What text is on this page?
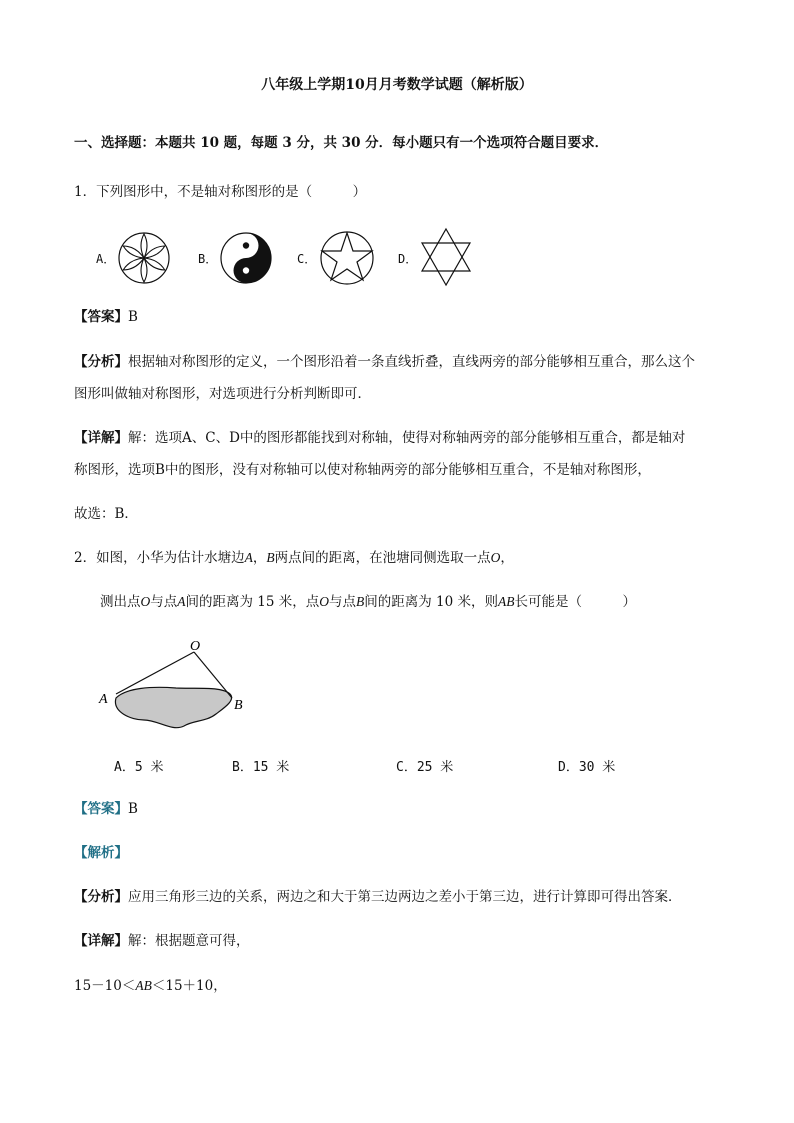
八年级上学期10月月考数学试题（解析版）
一、选择题：本题共 10 题，每题 3 分，共 30 分．每小题只有一个选项符合题目要求．
1．下列图形中，不是轴对称图形的是（　　　）
A．	B．	C．	D．
【答案】B
【分析】根据轴对称图形的定义，一个图形沿着一条直线折叠，直线两旁的部分能够相互重合，那么这个
图形叫做轴对称图形，对选项进行分析判断即可．
【详解】解：选项A、C、D中的图形都能找到对称轴，使得对称轴两旁的部分能够相互重合，都是轴对
称图形，选项B中的图形，没有对称轴可以使对称轴两旁的部分能够相互重合，不是轴对称图形，
故选：B．
2．如图，小华为估计水塘边A，B两点间的距离，在池塘同侧选取一点O，
测出点O与点A间的距离为 15 米，点O与点B间的距离为 10 米，则AB长可能是（　　　）
O
A	B
A．5 米	B．15 米	C．25 米	D．30 米
【答案】B
【解析】
【分析】应用三角形三边的关系，两边之和大于第三边两边之差小于第三边，进行计算即可得出答案．
【详解】解：根据题意可得，
15－10＜AB＜15＋10，
